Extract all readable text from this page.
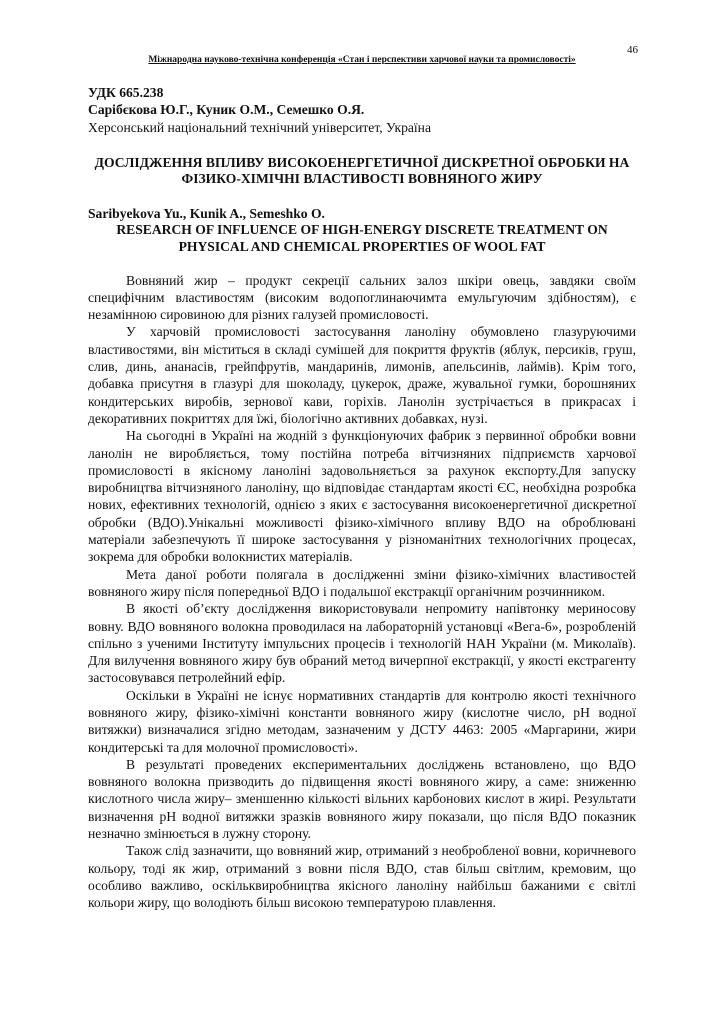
46
Міжнародна науково-технічна конференція «Стан і перспективи харчової науки та промисловості»

УДК 665.238

Сарібєкова Ю.Г., Куник О.М., Семешко О.Я.

Херсонський національний технічний університет, Україна

ДОСЛІДЖЕННЯ ВПЛИВУ ВИСОКОЕНЕРГЕТИЧНОЇ ДИСКРЕТНОЇ ОБРОБКИ НА ФІЗИКО-ХІМІЧНІ ВЛАСТИВОСТІ ВОВНЯНОГО ЖИРУ

Saribyekova Yu., Kunik A., Semeshko O.

RESEARCH OF INFLUENCE OF HIGH-ENERGY DISCRETE TREATMENT ON PHYSICAL AND CHEMICAL PROPERTIES OF WOOL FAT

Вовняний жир – продукт секреції сальних залоз шкіри овець, завдяки своїм специфічним властивостям (високим водопоглинаючимта емульгуючим здібностям), є незамінною сировиною для різних галузей промисловості.

У харчовій промисловості застосування ланоліну обумовлено глазуруючими властивостями, він міститься в складі сумішей для покриття фруктів (яблук, персиків, груш, слив, динь, ананасів, грейпфрутів, мандаринів, лимонів, апельсинів, лаймів). Крім того, добавка присутня в глазурі для шоколаду, цукерок, драже, жувальної гумки, борошняних кондитерських виробів, зернової кави, горіхів. Ланолін зустрічається в прикрасах і декоративних покриттях для їжі, біологічно активних добавках, нузі.

На сьогодні в Україні на жодній з функціонуючих фабрик з первинної обробки вовни ланолін не виробляється, тому постійна потреба вітчизняних підприємств харчової промисловості в якісному ланоліні задовольняється за рахунок експорту.Для запуску виробництва вітчизняного ланоліну, що відповідає стандартам якості ЄС, необхідна розробка нових, ефективних технологій, однією з яких є застосування високоенергетичної дискретної обробки (ВДО).Унікальні можливості фізико-хімічного впливу ВДО на оброблювані матеріали забезпечують її широке застосування у різноманітних технологічних процесах, зокрема для обробки волокнистих матеріалів.

Мета даної роботи полягала в дослідженні зміни фізико-хімічних властивостей вовняного жиру після попередньої ВДО і подальшої екстракції органічним розчинником.

В якості об’єкту дослідження використовували непромиту напівтонку мериносову вовну. ВДО вовняного волокна проводилася на лабораторній установці «Вега-6», розробленій спільно з ученими Інституту імпульсних процесів і технологій НАН України (м. Миколаїв). Для вилучення вовняного жиру був обраний метод вичерпної екстракції, у якості екстрагенту застосовувався петролейний ефір.

Оскільки в Україні не існує нормативних стандартів для контролю якості технічного вовняного жиру, фізико-хімічні константи вовняного жиру (кислотне число, pH водної витяжки) визначалися згідно методам, зазначеним у ДСТУ 4463: 2005 «Маргарини, жири кондитерські та для молочної промисловості».

В результаті проведених експериментальних досліджень встановлено, що ВДО вовняного волокна призводить до підвищення якості вовняного жиру, а саме: зниженню кислотного числа жиру– зменшенню кількості вільних карбонових кислот в жирі. Результати визначення pH водної витяжки зразків вовняного жиру показали, що після ВДО показник незначно змінюється в лужну сторону.

Також слід зазначити, що вовняний жир, отриманий з необробленої вовни, коричневого кольору, тоді як жир, отриманий з вовни після ВДО, став більш світлим, кремовим, що особливо важливо, оскільквиробництва якісного ланоліну найбільш бажаними є світлі кольори жиру, що володіють більш високою температурою плавлення.
